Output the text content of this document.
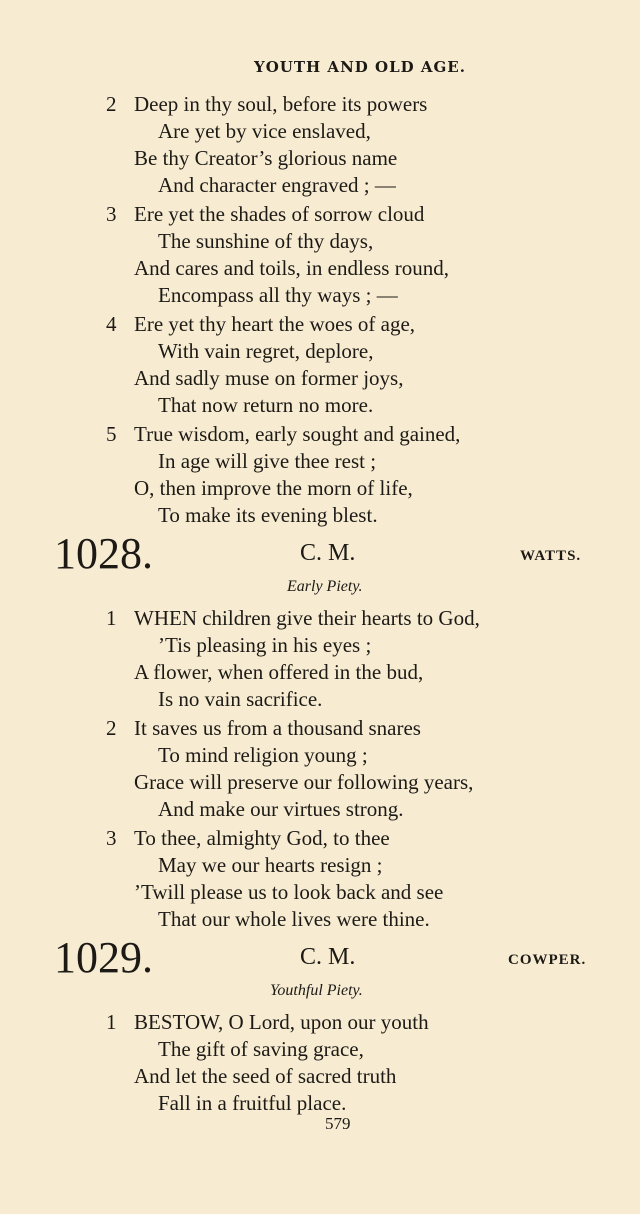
YOUTH AND OLD AGE.
2 Deep in thy soul, before its powers
Are yet by vice enslaved,
Be thy Creator’s glorious name
And character engraved ; —
3 Ere yet the shades of sorrow cloud
The sunshine of thy days,
And cares and toils, in endless round,
Encompass all thy ways ; —
4 Ere yet thy heart the woes of age,
With vain regret, deplore,
And sadly muse on former joys,
That now return no more.
5 True wisdom, early sought and gained,
In age will give thee rest ;
O, then improve the morn of life,
To make its evening blest.
1028.	C. M.	WATTS.
Early Piety.
1 WHEN children give their hearts to God,
’Tis pleasing in his eyes ;
A flower, when offered in the bud,
Is no vain sacrifice.
2 It saves us from a thousand snares
To mind religion young ;
Grace will preserve our following years,
And make our virtues strong.
3 To thee, almighty God, to thee
May we our hearts resign ;
’Twill please us to look back and see
That our whole lives were thine.
1029.	C. M.	COWPER.
Youthful Piety.
1 BESTOW, O Lord, upon our youth
The gift of saving grace,
And let the seed of sacred truth
Fall in a fruitful place.
579
